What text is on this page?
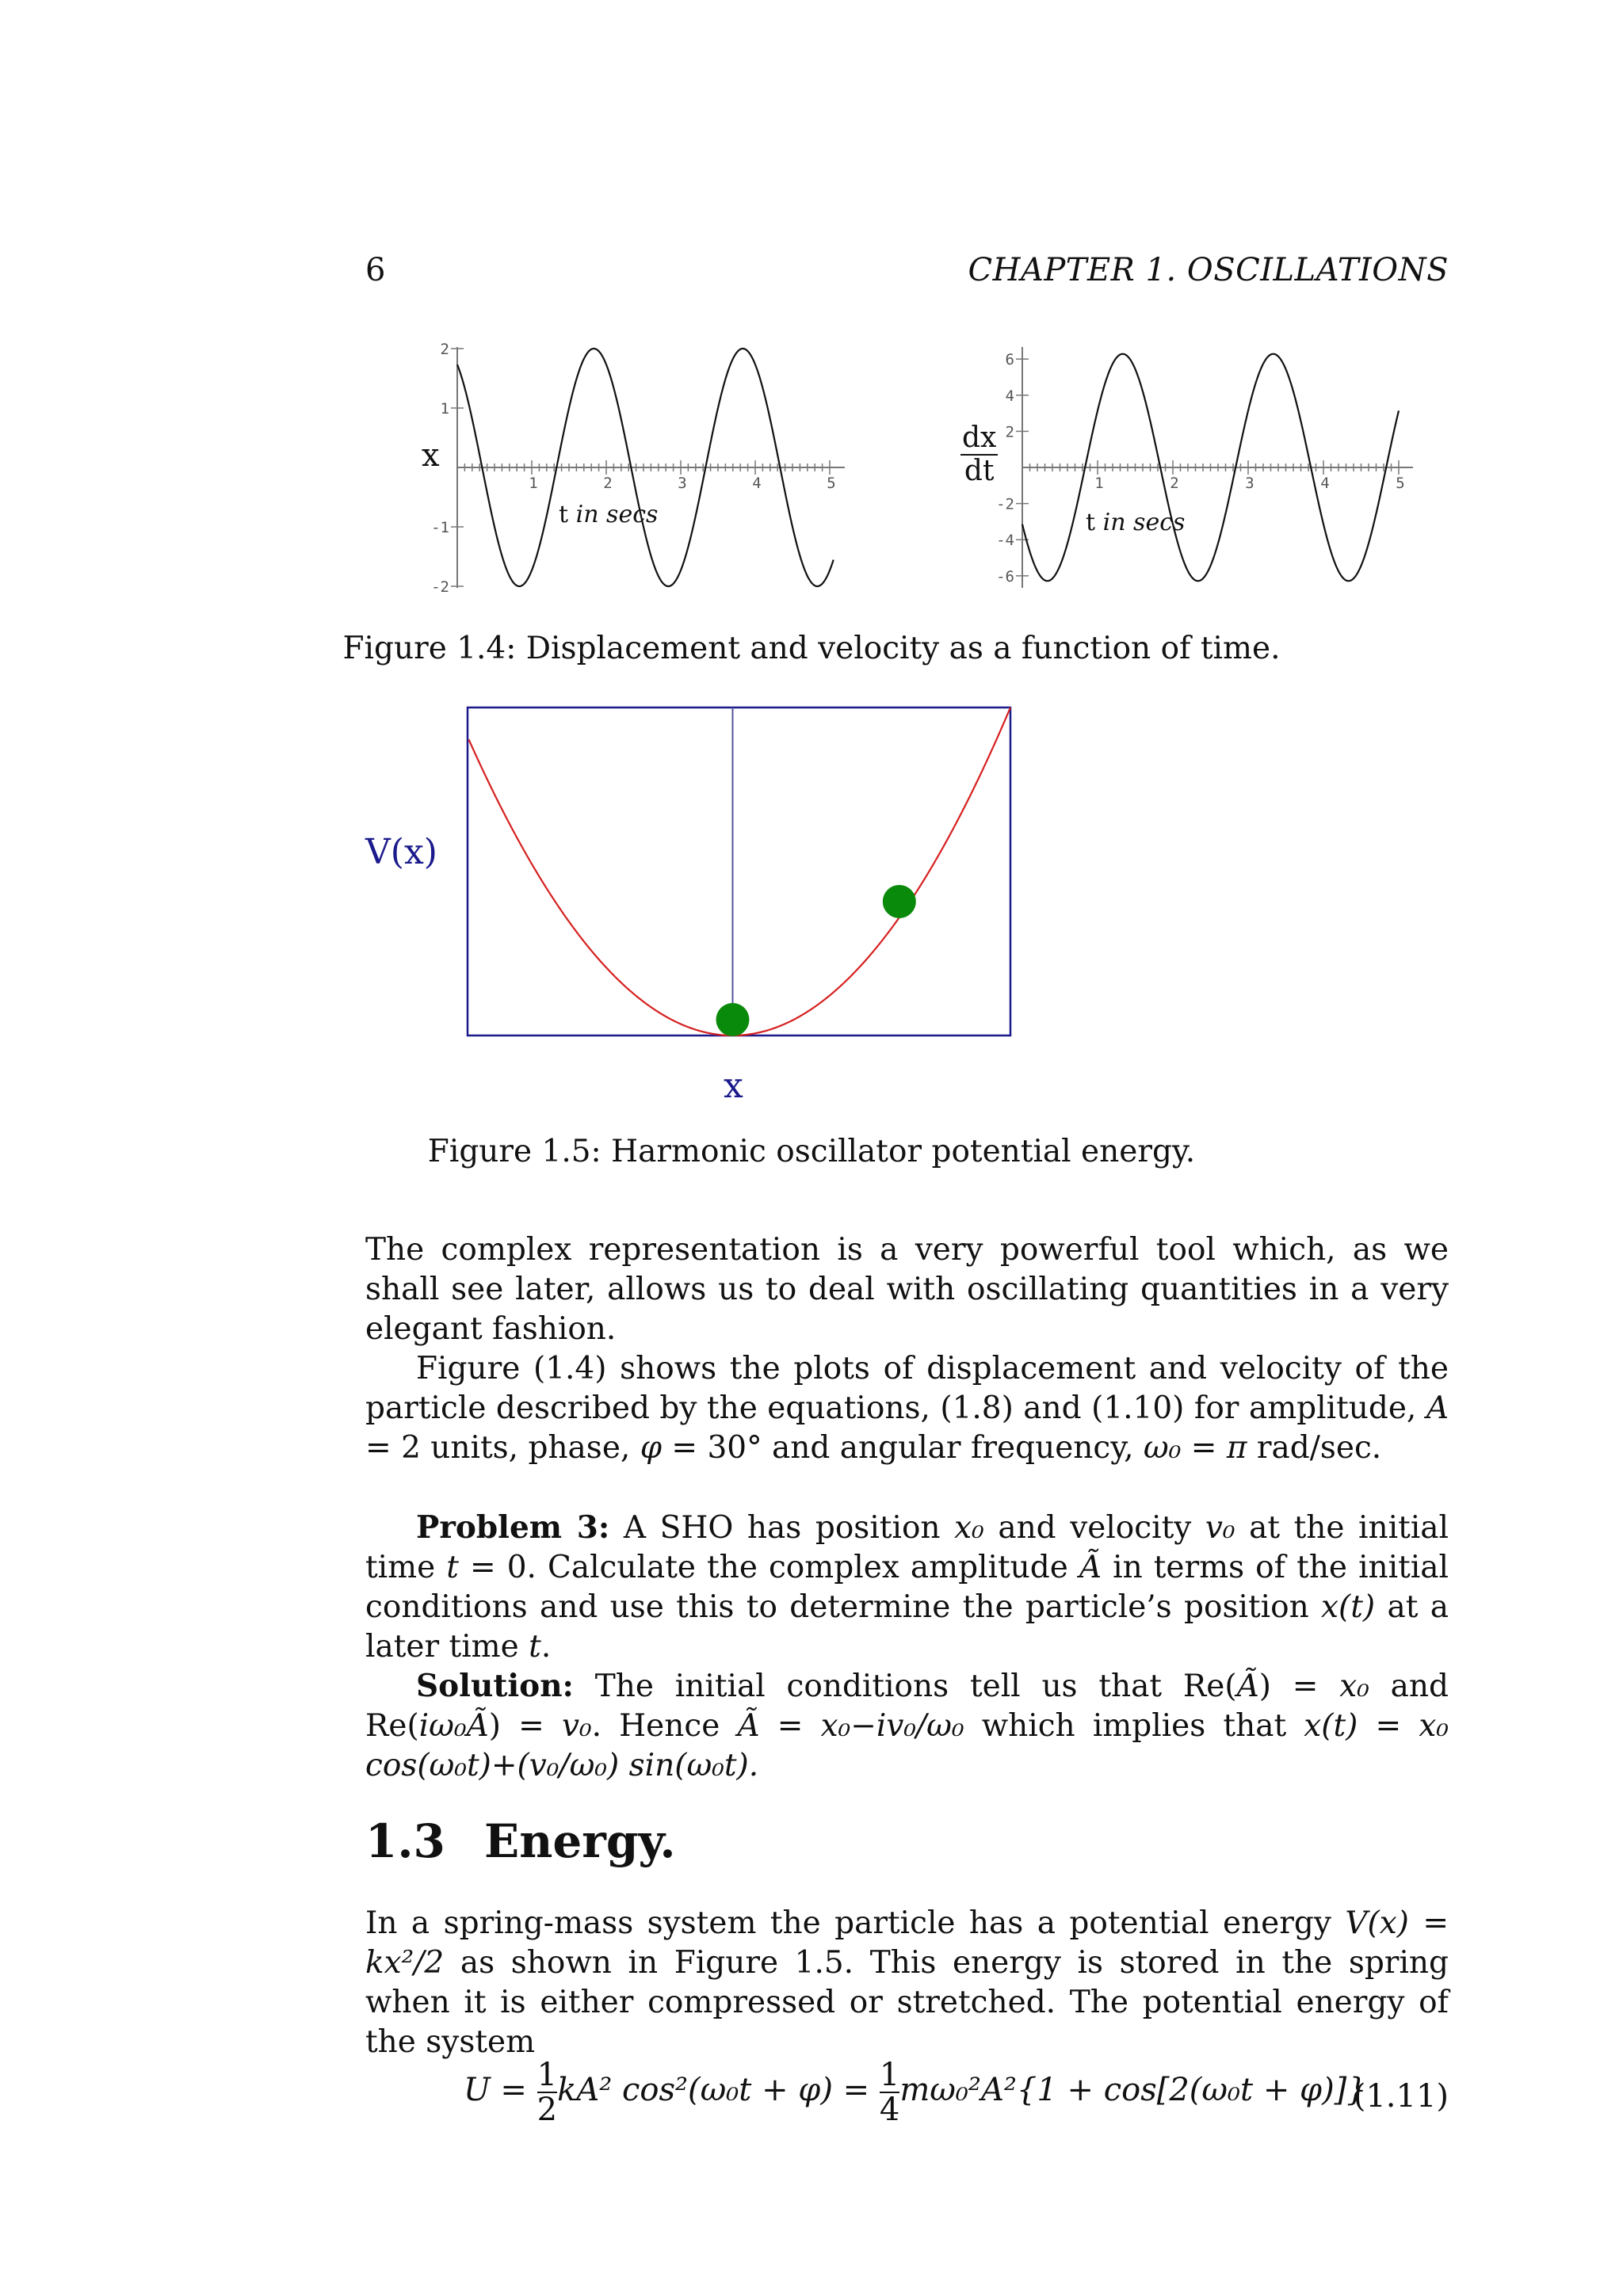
6	CHAPTER 1. OSCILLATIONS
1	2	3	4	5
2
1
-1
-2
x
t in secs
1	2	3	4	5
6
4
2
-2
-4
-6
$\frac{dx}{dt}$
t in secs
Figure 1.4: Displacement and velocity as a function of time.
V(x)
x
Figure 1.5: Harmonic oscillator potential energy.

The complex representation is a very powerful tool which, as we shall see later, allows us to deal with oscillating quantities in a very elegant fashion.

Figure (1.4) shows the plots of displacement and velocity of the particle described by the equations, (1.8) and (1.10) for amplitude, A = 2 units, phase, φ = 30° and angular frequency, ω₀ = π rad/sec.

Problem 3: A SHO has position x₀ and velocity v₀ at the initial time t = 0. Calculate the complex amplitude Ã in terms of the initial conditions and use this to determine the particle’s position x(t) at a later time t.

Solution: The initial conditions tell us that Re(Ã) = x₀ and Re(iω₀Ã) = v₀. Hence Ã = x₀−iv₀/ω₀ which implies that x(t) = x₀ cos(ω₀t)+(v₀/ω₀) sin(ω₀t).

1.3 Energy.

In a spring-mass system the particle has a potential energy V(x) = kx²/2 as shown in Figure 1.5. This energy is stored in the spring when it is either compressed or stretched. The potential energy of the system

$U = \frac{1}{2} kA^2$ $\cos^2(\omega_0t + \varphi) = \frac{1}{4} m\omega_0^2A^2\{1 + \cos[2(\omega_0t + \varphi)]\}$
(1.11)
